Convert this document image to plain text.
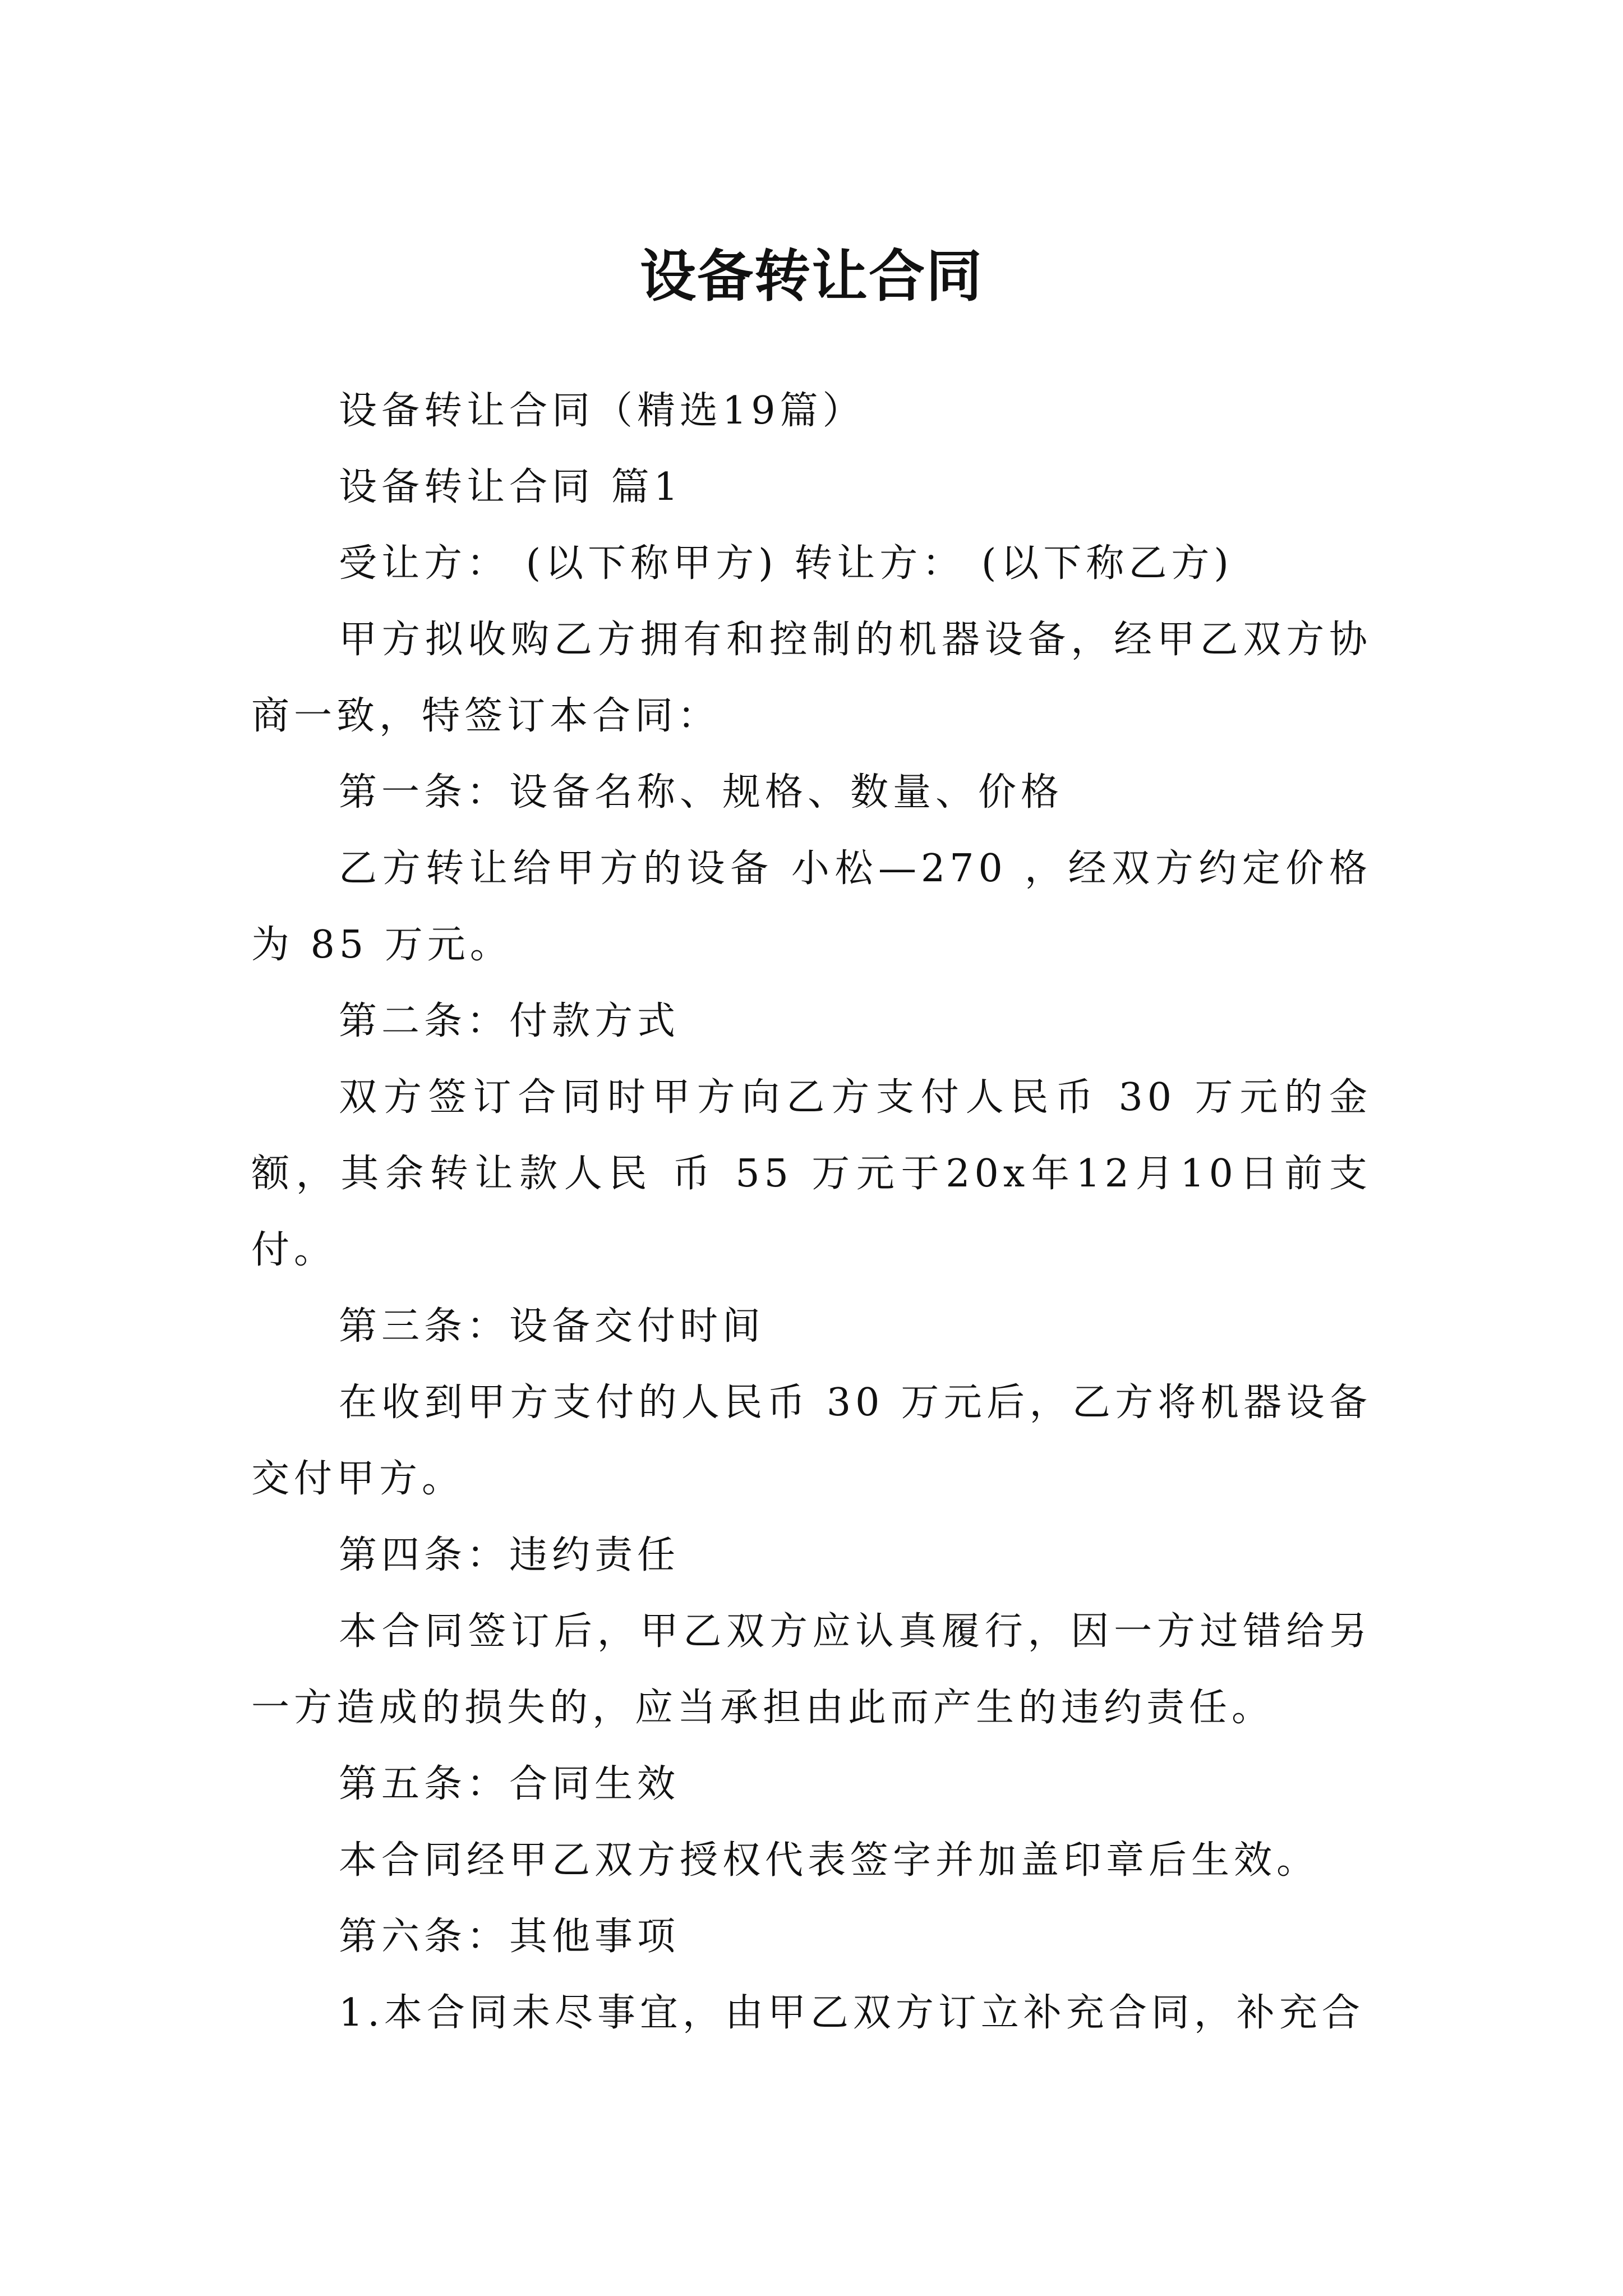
设备转让合同

设备转让合同（精选19篇）

设备转让合同 篇1

受让方： (以下称甲方) 转让方： (以下称乙方)

甲方拟收购乙方拥有和控制的机器设备，经甲乙双方协商一致，特签订本合同：

第一条：设备名称、规格、数量、价格

乙方转让给甲方的设备 小松—270 ，经双方约定价格为 85 万元。

第二条：付款方式

双方签订合同时甲方向乙方支付人民币 30 万元的金额，其余转让款人民 币 55 万元于20x年12月10日前支付。

第三条：设备交付时间

在收到甲方支付的人民币 30 万元后，乙方将机器设备交付甲方。

第四条：违约责任

本合同签订后，甲乙双方应认真履行，因一方过错给另一方造成的损失的，应当承担由此而产生的违约责任。

第五条：合同生效

本合同经甲乙双方授权代表签字并加盖印章后生效。

第六条：其他事项

1.本合同未尽事宜，由甲乙双方订立补充合同，补充合
